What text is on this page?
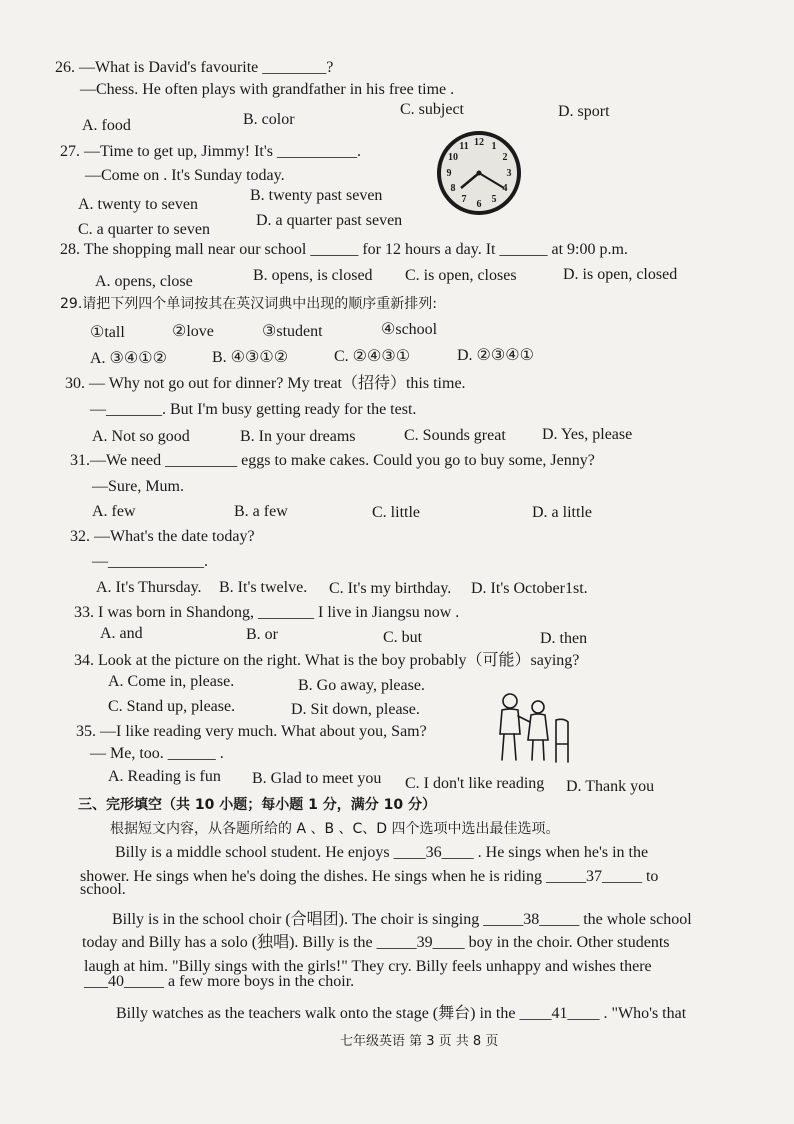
26. —What is David's favourite ________?
—Chess. He often plays with grandfather in his free time .
A. food	B. color
C. subject	D. sport
27. —Time to get up, Jimmy! It's __________.
—Come on . It's Sunday today.
A. twenty to seven
B. twenty past seven
C. a quarter to seven
D. a quarter past seven
12 1
2
3
4
5
6
7
8
9
10
11
28. The shopping mall near our school ______ for 12 hours a day. It ______ at 9:00 p.m.
A. opens, close	B. opens, is closed C. is open, closes	D. is open, closed
29.请把下列四个单词按其在英汉词典中出现的顺序重新排列:
①tall	②love	③student	④school
A. ③④①②	B. ④③①②	C. ②④③①	D. ②③④①
30. — Why not go out for dinner? My treat（招待）this time.
—_______. But I'm busy getting ready for the test.
A. Not so good	B. In your dreams	C. Sounds great D. Yes, please
31.—We need _________ eggs to make cakes. Could you go to buy some, Jenny?
—Sure, Mum.
A. few	B. a few	C. little	D. a little
32. —What's the date today?
—____________.
A. It's Thursday. B. It's twelve. C. It's my birthday. D. It's October1st.
33. I was born in Shandong, _______ I live in Jiangsu now .
A. and	B. or	C. but	D. then
34. Look at the picture on the right. What is the boy probably（可能）saying?
A. Come in, please.	B. Go away, please.
C. Stand up, please.	D. Sit down, please.
35. —I like reading very much. What about you, Sam?
— Me, too. ______ .
A. Reading is fun B. Glad to meet you C. I don't like reading D. Thank you
三、完形填空（共 10 小题；每小题 1 分，满分 10 分）
根据短文内容，从各题所给的 A 、B 、C、D 四个选项中选出最佳选项。
Billy is a middle school student. He enjoys ____36____ . He sings when he's in the
shower. He sings when he's doing the dishes. He sings when he is riding _____37_____ to
school.
Billy is in the school choir (合唱团). The choir is singing _____38_____ the whole school
today and Billy has a solo (独唱). Billy is the _____39____ boy in the choir. Other students
laugh at him. "Billy sings with the girls!" They cry. Billy feels unhappy and wishes there
___40_____ a few more boys in the choir.
Billy watches as the teachers walk onto the stage (舞台) in the ____41____ . "Who's that
七年级英语 第 3 页 共 8 页
